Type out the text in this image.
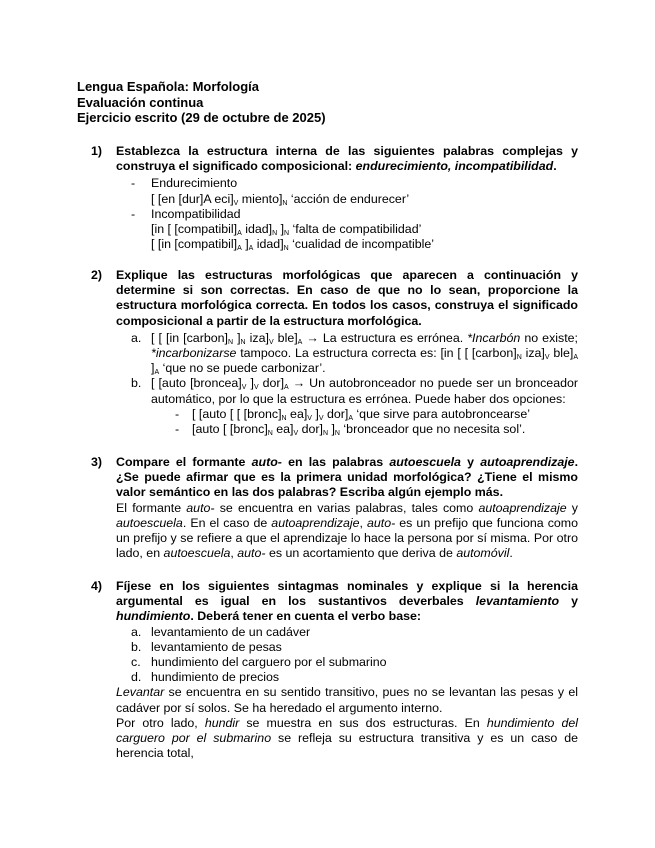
Lengua Española: Morfología
Evaluación continua
Ejercicio escrito (29 de octubre de 2025)
1) Establezca la estructura interna de las siguientes palabras complejas y construya el significado composicional: endurecimiento, incompatibilidad.
- Endurecimiento
[ [en [dur]A $eci]_V$ $miento]_N$ ‘acción de endurecer’
- Incompatibilidad
[in [ $[compatibil]_A$ $idad]_N$ ]$_N$ ‘falta de compatibilidad’
[ [in $[compatibil]_A$ ]$_A$ $idad]_N$ ‘cualidad de incompatible’
2) Explique las estructuras morfológicas que aparecen a continuación y determine si son correctas. En caso de que no lo sean, proporcione la estructura morfológica correcta. En todos los casos, construya el significado composicional a partir de la estructura morfológica.
a. [ [ [in $[carbon]_N$ ]$_N$ $iza]_V$ $ble]_A \to La$ estructura es errónea. *Incarbón no existe; *incarbonizarse tampoco. La estructura correcta es: [in [ [ $[carbon]_N$ $iza]_V$ $ble]_A$ ]$_A$ ‘que no se puede carbonizar’.
b. [ [auto $[broncea]_V$ ]$_V$ $dor]_A \to Un$ autobronceador no puede ser un bronceador automático, por lo que la estructura es errónea. Puede haber dos opciones:
- [ [auto [ [ $[bronc]_N$ $ea]_V$ ]$_V$ $dor]_A$ ‘que sirve para autobroncearse’
- [auto [ $[bronc]_N$ $ea]_V$ $dor]_N$ ]$_N$ ‘bronceador que no necesita sol’.
3) Compare el formante auto- en las palabras autoescuela y autoaprendizaje. ¿Se puede afirmar que es la primera unidad morfológica? ¿Tiene el mismo valor semántico en las dos palabras? Escriba algún ejemplo más.
El formante auto- se encuentra en varias palabras, tales como autoaprendizaje y autoescuela. En el caso de autoaprendizaje, auto- es un prefijo que funciona como un prefijo y se refiere a que el aprendizaje lo hace la persona por sí misma. Por otro lado, en autoescuela, auto- es un acortamiento que deriva de automóvil.
4) Fíjese en los siguientes sintagmas nominales y explique si la herencia argumental es igual en los sustantivos deverbales levantamiento y hundimiento. Deberá tener en cuenta el verbo base:
a. levantamiento de un cadáver
b. levantamiento de pesas
c. hundimiento del carguero por el submarino
d. hundimiento de precios
Levantar se encuentra en su sentido transitivo, pues no se levantan las pesas y el cadáver por sí solos. Se ha heredado el argumento interno.
Por otro lado, hundir se muestra en sus dos estructuras. En hundimiento del carguero por el submarino se refleja su estructura transitiva y es un caso de herencia total,
